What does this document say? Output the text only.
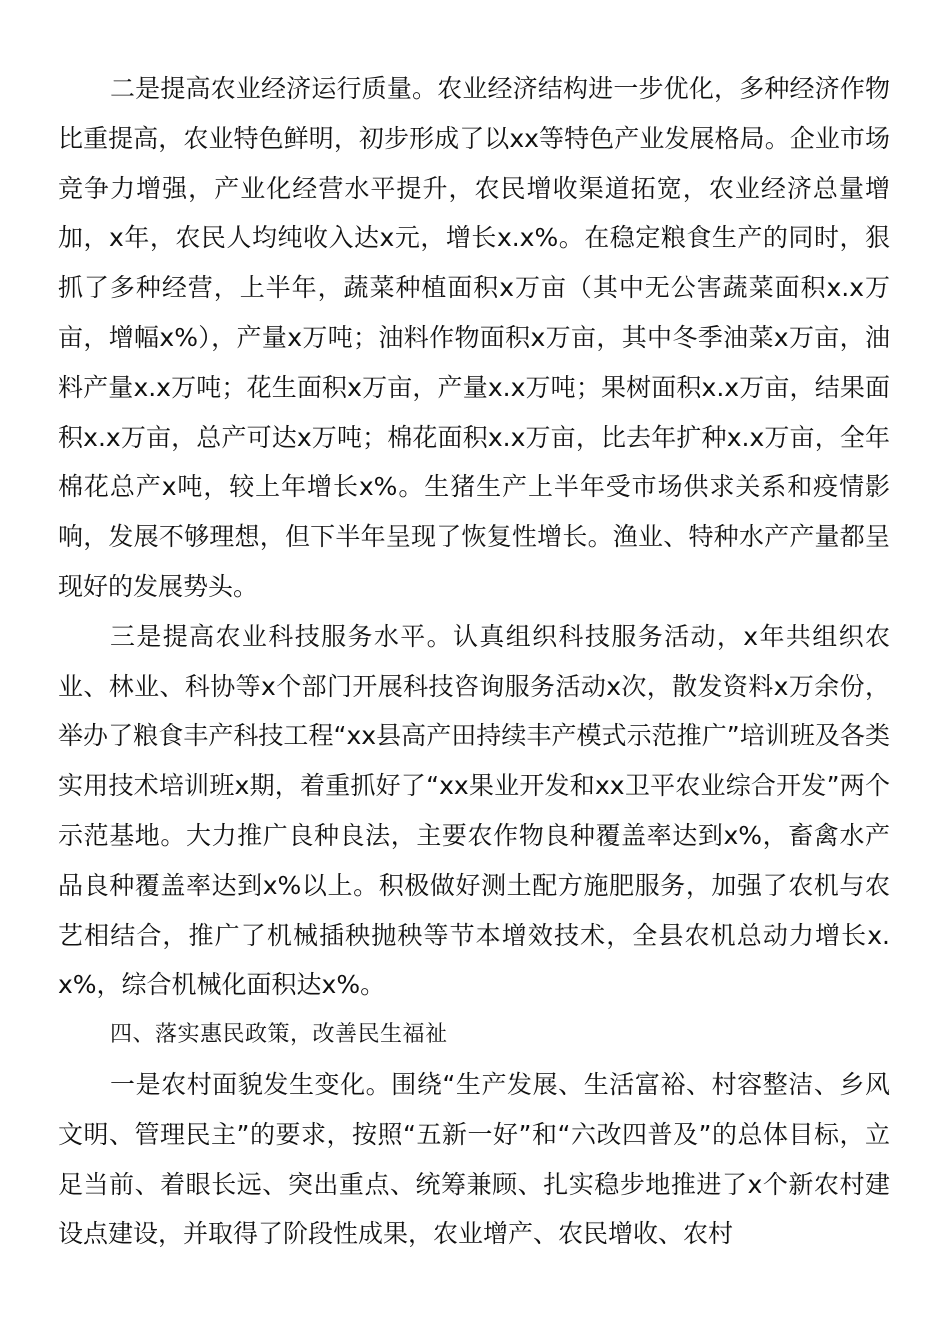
二是提高农业经济运行质量。农业经济结构进一步优化，多种经济作物比重提高，农业特色鲜明，初步形成了以xx等特色产业发展格局。企业市场竞争力增强，产业化经营水平提升，农民增收渠道拓宽，农业经济总量增加，x年，农民人均纯收入达x元，增长x.x%。在稳定粮食生产的同时，狠抓了多种经营，上半年，蔬菜种植面积x万亩（其中无公害蔬菜面积x.x万亩，增幅x%），产量x万吨；油料作物面积x万亩，其中冬季油菜x万亩，油料产量x.x万吨；花生面积x万亩，产量x.x万吨；果树面积x.x万亩，结果面积x.x万亩，总产可达x万吨；棉花面积x.x万亩，比去年扩种x.x万亩，全年棉花总产x吨，较上年增长x%。生猪生产上半年受市场供求关系和疫情影响，发展不够理想，但下半年呈现了恢复性增长。渔业、特种水产产量都呈现好的发展势头。

三是提高农业科技服务水平。认真组织科技服务活动，x年共组织农业、林业、科协等x个部门开展科技咨询服务活动x次，散发资料x万余份，举办了粮食丰产科技工程“xx县高产田持续丰产模式示范推广”培训班及各类实用技术培训班x期，着重抓好了“xx果业开发和xx卫平农业综合开发”两个示范基地。大力推广良种良法，主要农作物良种覆盖率达到x%，畜禽水产品良种覆盖率达到x%以上。积极做好测土配方施肥服务，加强了农机与农艺相结合，推广了机械插秧抛秧等节本增效技术，全县农机总动力增长x.x%，综合机械化面积达x%。

四、落实惠民政策，改善民生福祉

一是农村面貌发生变化。围绕“生产发展、生活富裕、村容整洁、乡风文明、管理民主”的要求，按照“五新一好”和“六改四普及”的总体目标，立足当前、着眼长远、突出重点、统筹兼顾、扎实稳步地推进了x个新农村建设点建设，并取得了阶段性成果，农业增产、农民增收、农村
